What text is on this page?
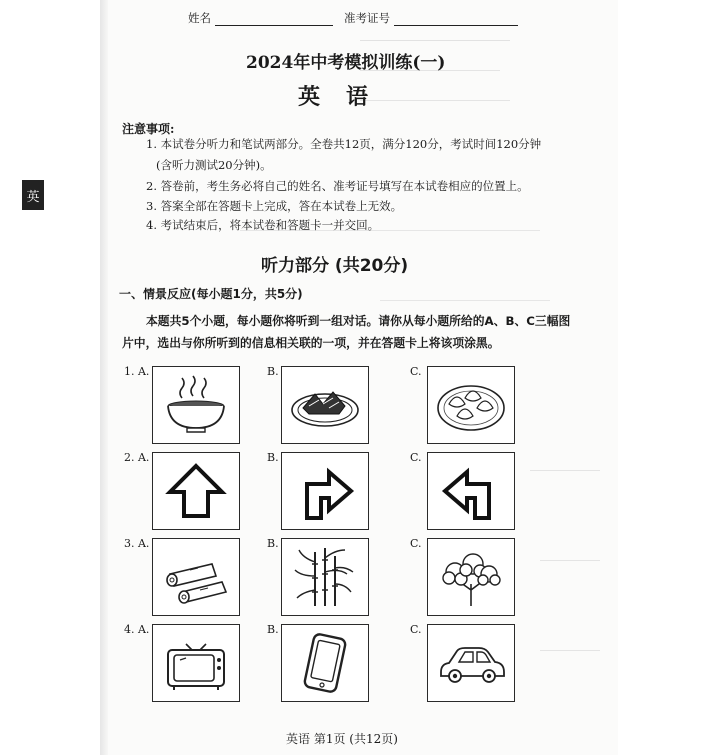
英
姓名	准考证号
2024年中考模拟训练(一)
英语
注意事项:
1. 本试卷分听力和笔试两部分。全卷共12页，满分120分，考试时间120分钟
(含听力测试20分钟)。
2. 答卷前，考生务必将自己的姓名、准考证号填写在本试卷相应的位置上。
3. 答案全部在答题卡上完成，答在本试卷上无效。
4. 考试结束后，将本试卷和答题卡一并交回。
听力部分 (共20分)
一、情景反应(每小题1分，共5分)
本题共5个小题，每小题你将听到一组对话。请你从每小题所给的A、B、C三幅图
片中，选出与你所听到的信息相关联的一项，并在答题卡上将该项涂黑。
1. A.	B.	C.
2. A.	B.	C.
3. A.	B.	C.
4. A.	B.	C.
英语 第1页 (共12页)
